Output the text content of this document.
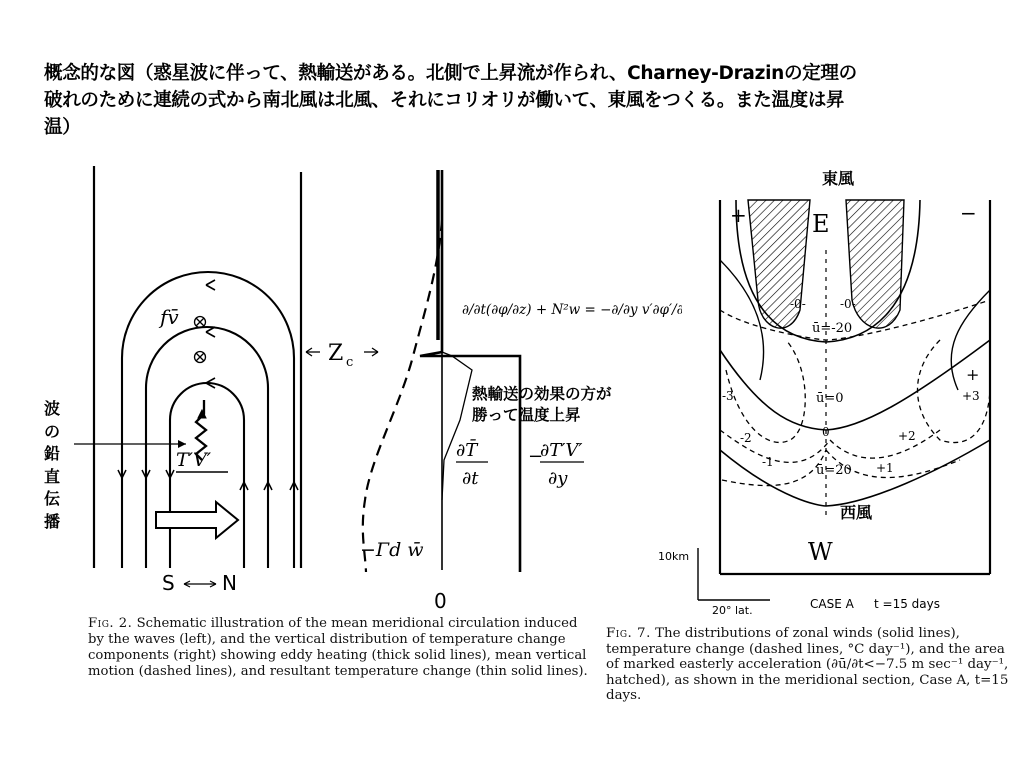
概念的な図（惑星波に伴って、熱輸送がある。北側で上昇流が作られ、Charney-Drazinの定理の
破れのために連続の式から南北風は北風、それにコリオリが働いて、東風をつくる。また温度は昇
温）
fv̄
T′V′
Z c
S N
0
∂T̄
∂t
−
∂T′V′
∂y
−Γd w̄
Fig. 2. Schematic illustration of the mean meridional circulation induced by the waves (left), and the vertical distribution of temperature change components (right) showing eddy heating (thick solid lines), mean vertical motion (dashed lines), and resultant temperature change (thin solid lines).
波
の
鉛
直
伝
播
∂/∂t(∂φ/∂z) + N²w = −∂/∂y v′∂φ′/∂z
熱輸送の効果の方が
勝って温度上昇
+	−
E
W
-0-	-0-
ū=-20
ū=0
0
ū=20
-3
-2
-1
+
+3
+2
+1
10km
20° lat.	CASE A t =15 days
東風
西風
Fig. 7. The distributions of zonal winds (solid lines), temperature change (dashed lines, °C day⁻¹), and the area of marked easterly acceleration (∂ū/∂t<−7.5 m sec⁻¹ day⁻¹, hatched), as shown in the meridional section, Case A, t=15 days.
